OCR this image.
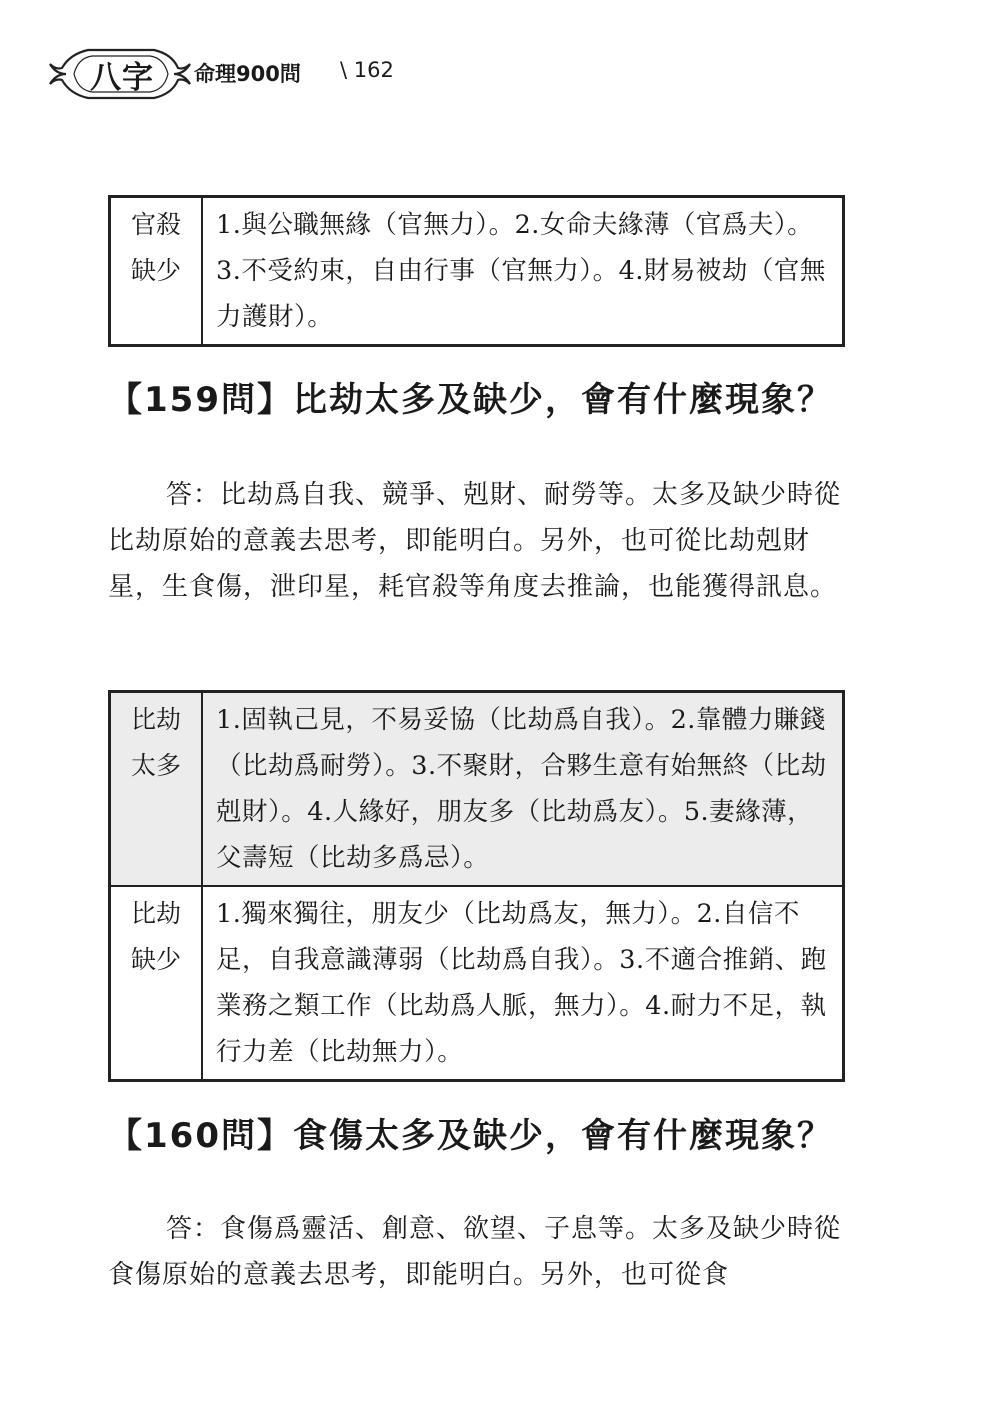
八字	命理900問 \ 162
官殺
缺少
	1.與公職無緣（官無力）。2.女命夫緣薄（官爲夫）。3.不受約束，自由行事（官無力）。4.財易被劫（官無力護財）。
【159問】比劫太多及缺少，會有什麼現象？
答：比劫爲自我、競爭、剋財、耐勞等。太多及缺少時從比劫原始的意義去思考，即能明白。另外，也可從比劫剋財星，生食傷，泄印星，耗官殺等角度去推論，也能獲得訊息。
比劫
太多	1.固執己見，不易妥協（比劫爲自我）。2.靠體力賺錢（比劫爲耐勞）。3.不聚財，合夥生意有始無終（比劫剋財）。4.人緣好，朋友多（比劫爲友）。5.妻緣薄，父壽短（比劫多爲忌）。

比劫
缺少	1.獨來獨往，朋友少（比劫爲友，無力）。2.自信不足，自我意識薄弱（比劫爲自我）。3.不適合推銷、跑業務之類工作（比劫爲人脈，無力）。4.耐力不足，執行力差（比劫無力）。
【160問】食傷太多及缺少，會有什麼現象？
答：食傷爲靈活、創意、欲望、子息等。太多及缺少時從食傷原始的意義去思考，即能明白。另外，也可從食
